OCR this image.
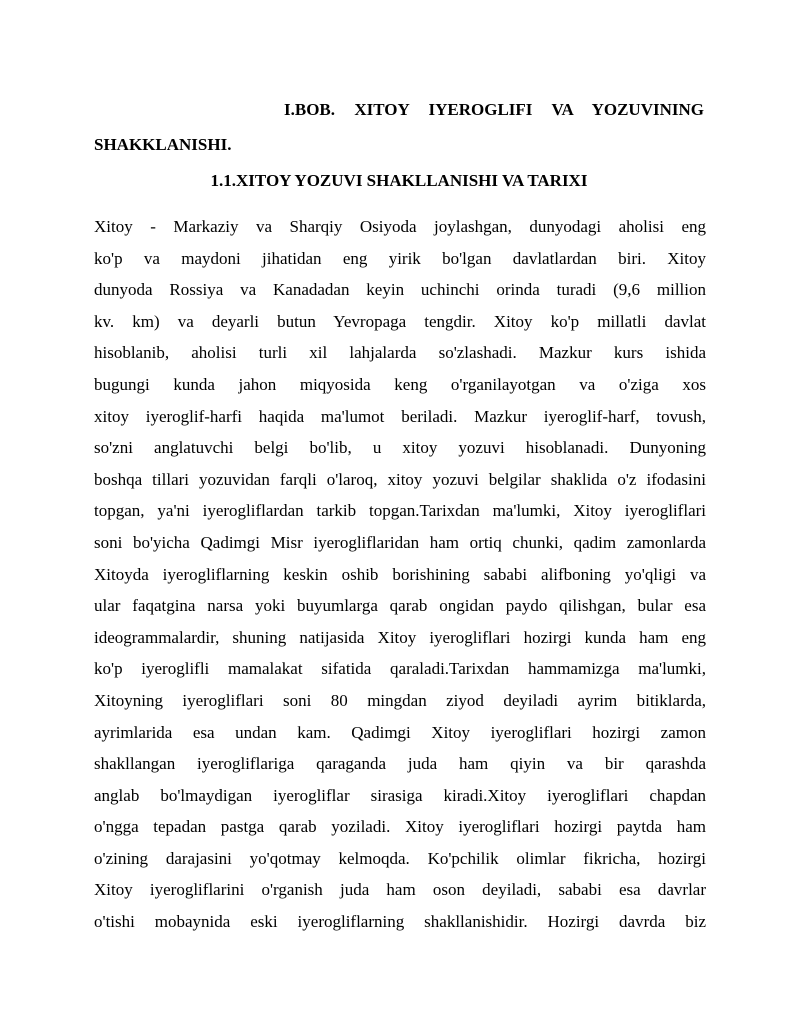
I.BOB. XITOY IYEROGLIFI VA YOZUVINING SHAKKLANISHI.

1.1.XITOY YOZUVI SHAKLLANISHI VA TARIXI

Xitoy - Markaziy va Sharqiy Osiyoda joylashgan, dunyodagi aholisi eng
ko'p va maydoni jihatidan eng yirik bo'lgan davlatlardan biri. Xitoy
dunyoda Rossiya va Kanadadan keyin uchinchi orinda turadi (9,6 million
kv. km) va deyarli butun Yevropaga tengdir. Xitoy ko'p millatli davlat
hisoblanib, aholisi turli xil lahjalarda so'zlashadi. Mazkur kurs ishida
bugungi kunda jahon miqyosida keng o'rganilayotgan va o'ziga xos
xitoy iyeroglif-harfi haqida ma'lumot beriladi. Mazkur iyeroglif-harf, tovush,
so'zni anglatuvchi belgi bo'lib, u xitoy yozuvi hisoblanadi. Dunyoning
boshqa tillari yozuvidan farqli o'laroq, xitoy yozuvi belgilar shaklida o'z ifodasini
topgan, ya'ni iyerogliflardan tarkib topgan.Tarixdan ma'lumki, Xitoy iyerogliflari
soni bo'yicha Qadimgi Misr iyerogliflaridan ham ortiq chunki, qadim zamonlarda
Xitoyda iyerogliflarning keskin oshib borishining sababi alifboning yo'qligi va
ular faqatgina narsa yoki buyumlarga qarab ongidan paydo qilishgan, bular esa
ideogrammalardir, shuning natijasida Xitoy iyerogliflari hozirgi kunda ham eng
ko'p iyeroglifli mamalakat sifatida qaraladi.Tarixdan hammamizga ma'lumki,
Xitoyning iyerogliflari soni 80 mingdan ziyod deyiladi ayrim bitiklarda,
ayrimlarida esa undan kam. Qadimgi Xitoy iyerogliflari hozirgi zamon
shakllangan iyerogliflariga qaraganda juda ham qiyin va bir qarashda
anglab bo'lmaydigan iyerogliflar sirasiga kiradi.Xitoy iyerogliflari chapdan
o'ngga tepadan pastga qarab yoziladi. Xitoy iyerogliflari hozirgi paytda ham
o'zining darajasini yo'qotmay kelmoqda. Ko'pchilik olimlar fikricha, hozirgi
Xitoy iyerogliflarini o'rganish juda ham oson deyiladi, sababi esa davrlar
o'tishi mobaynida eski iyerogliflarning shakllanishidir. Hozirgi davrda biz
